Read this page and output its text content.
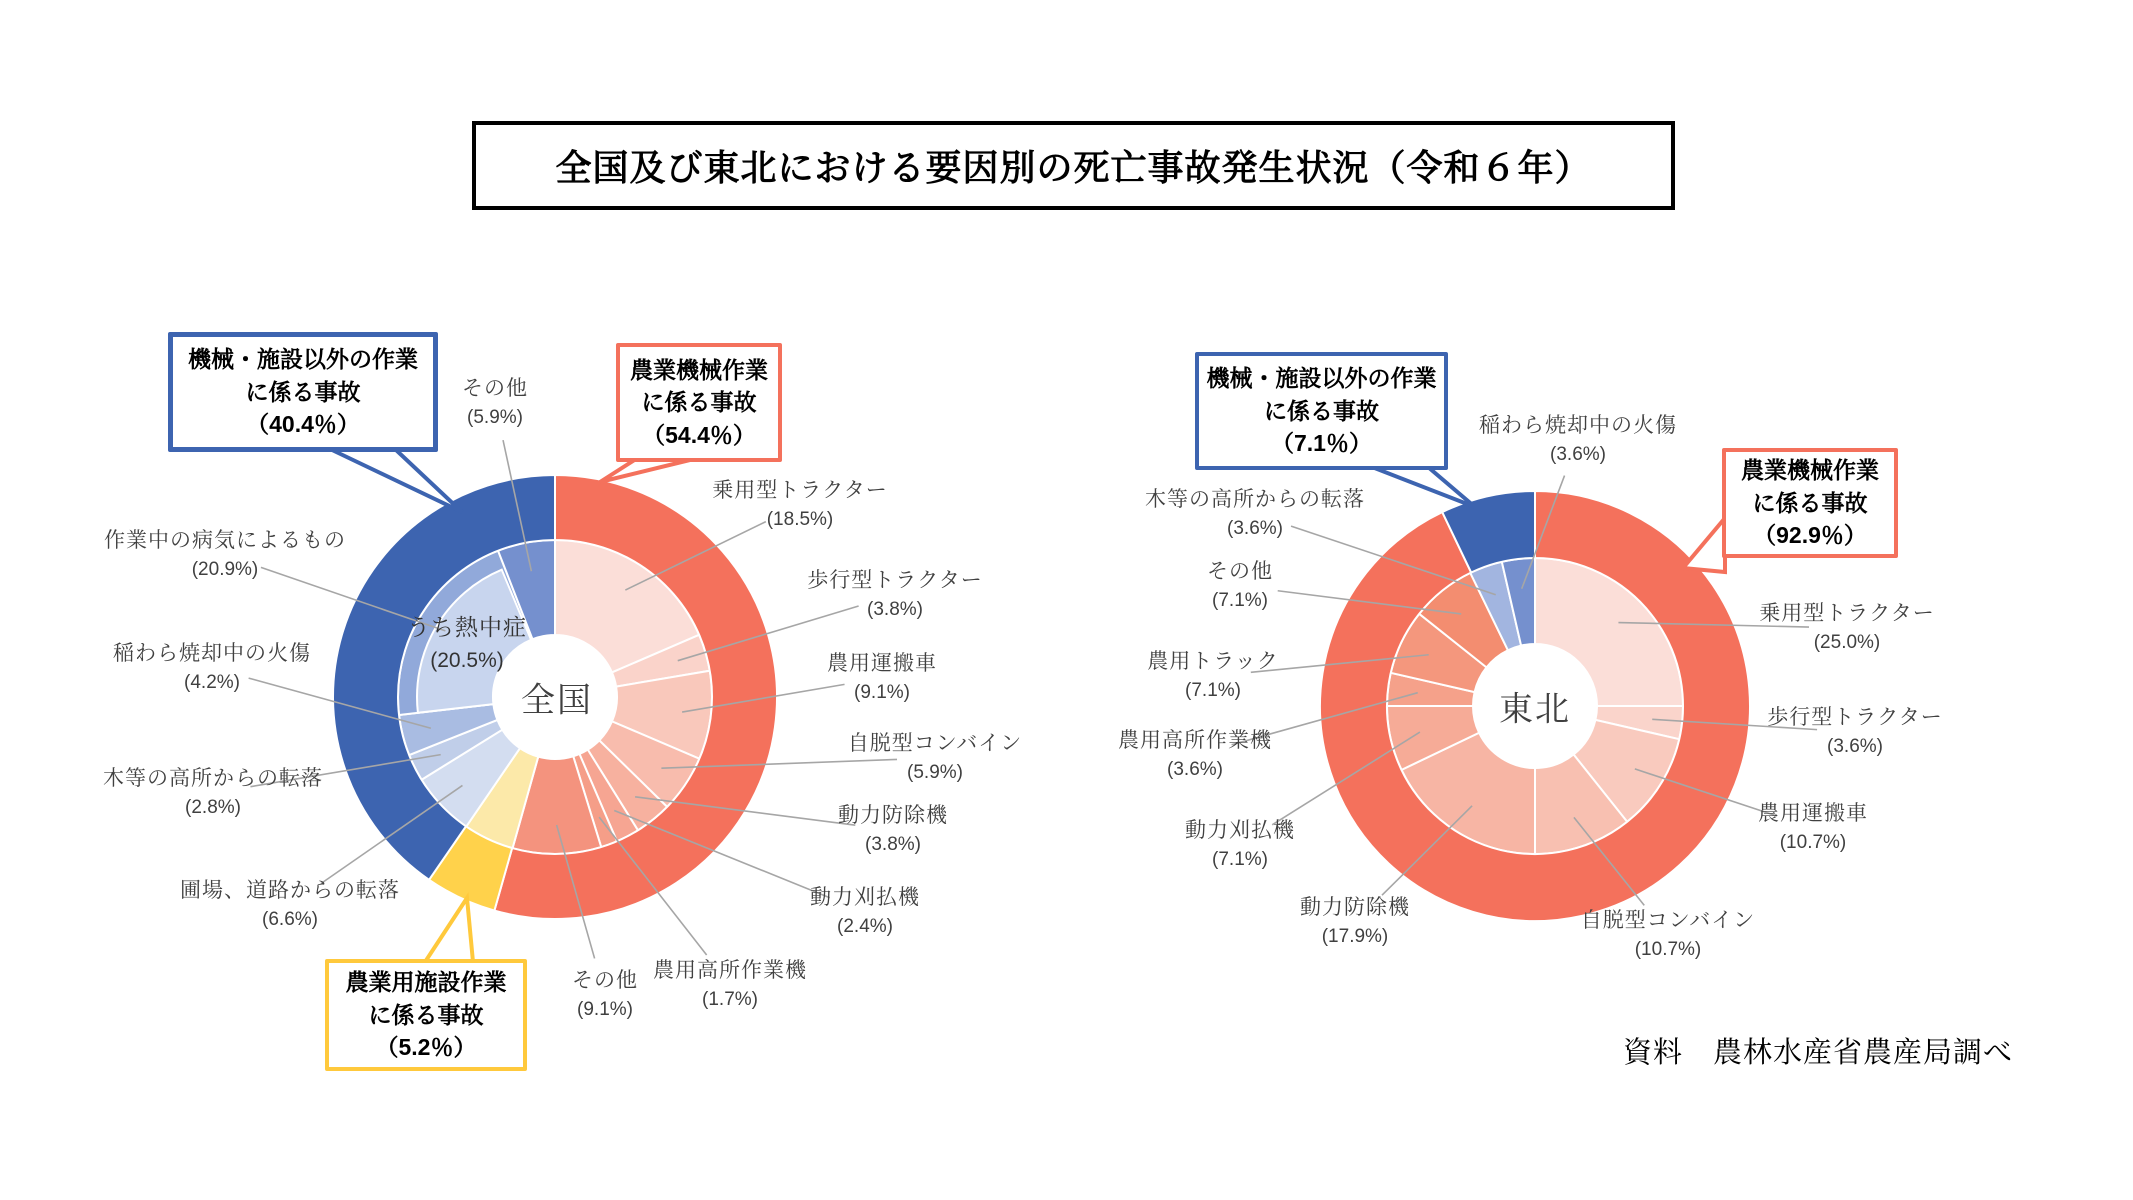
全国及び東北における要因別の死亡事故発生状況（令和６年）
全国
うち熱中症
(20.5%)
農業機械作業
に係る事故
（54.4％）
機械・施設以外の作業
に係る事故
（40.4％）
農業用施設作業
に係る事故
（5.2％）
東北
農業機械作業
に係る事故
（92.9％）
機械・施設以外の作業
に係る事故
（7.1％）
資料　農林水産省農産局調べ
乗用型トラクター
(18.5%)
歩行型トラクター
(3.8%)
農用運搬車
(9.1%)
自脱型コンバイン
(5.9%)
動力防除機
(3.8%)
動力刈払機
(2.4%)
農用高所作業機
(1.7%)
その他
(9.1%)
圃場、道路からの転落
(6.6%)
木等の高所からの転落
(2.8%)
稲わら焼却中の火傷
(4.2%)
作業中の病気によるもの
(20.9%)
その他
(5.9%)
乗用型トラクター
(25.0%)
歩行型トラクター
(3.6%)
農用運搬車
(10.7%)
自脱型コンバイン
(10.7%)
動力防除機
(17.9%)
動力刈払機
(7.1%)
農用高所作業機
(3.6%)
農用トラック
(7.1%)
その他
(7.1%)
木等の高所からの転落
(3.6%)
稲わら焼却中の火傷
(3.6%)
